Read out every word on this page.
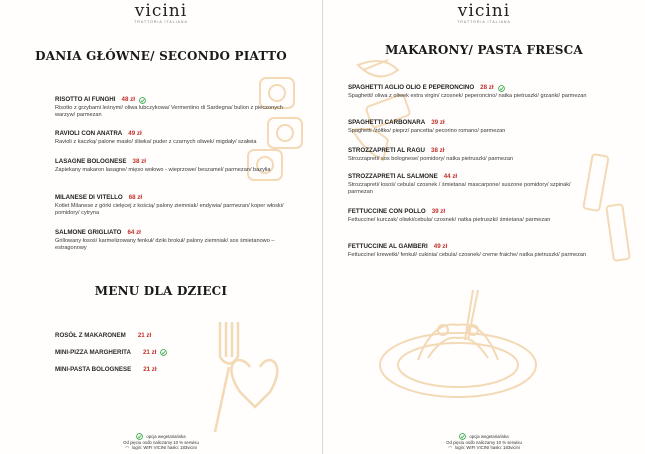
vicini
TRATTORIA ITALIANA
DANIA GŁÓWNE/ SECONDO PIATTO
RISOTTO AI FUNGHI 48 zł
Risotto z grzybami leśnymi/ oliwa lubczykowa/ Vermentino di Sardegna/ bulion z pieczonych warzyw/ parmezan
RAVIOLI CON ANATRA 49 zł
Ravioli z kaczką/ palone masło/ śliwka/ puder z czarnych oliwek/ migdały/ szałwia
LASAGNE BOLOGNESE 38 zł
Zapiekany makaron lasagne/ mięso wołowo - wieprzowe/ beszamel/ parmezan/ bazylia
MILANESE DI VITELLO 68 zł
Kotlet Milanese z górki cielęcej z kością/ palony ziemniak/ endywia/ parmezan/ koper włoski/ pomidory/ cytryna
SALMONE GRIGLIATO 64 zł
Grillowany łosoś/ karmelizowany fenkuł/ dziki brokuł/ palony ziemniak/ sos śmietanowo – estragonowy
MENU DLA DZIECI
ROSÓŁ Z MAKARONEM 21 zł
MINI-PIZZA MARGHERITA 21 zł
MINI-PASTA BOLOGNESE 21 zł
opcja wegetariańska
Od pięciu osób naliczamy 10 % serwisu
◠ login: WIFI VICINI hasło: 183vicini
vicini
TRATTORIA ITALIANA
MAKARONY/ PASTA FRESCA
SPAGHETTI AGLIO OLIO E PEPERONCINO 28 zł
Spaghetti/ oliwa z oliwek extra virgin/ czosnek/ peperoncino/ natka pietruszki/ grzanki/ parmezan
SPAGHETTI CARBONARA 39 zł
Spaghetti /żółtko/ pieprz/ pancetta/ pecorino romano/ parmezan
STROZZAPRETI AL RAGU 38 zł
Strozzapreti/ sos bolognese/ pomidory/ natka pietruszki/ parmezan
STROZZAPRETI AL SALMONE 44 zł
Strozzapreti/ łosoś/ cebula/ czosnek / śmietana/ mascarpone/ suszone pomidory/ szpinak/ parmezan
FETTUCCINE CON POLLO 39 zł
Fettuccine/ kurczak/ oliwki/cebula/ czosnek/ natka pietruszki/ śmietana/ parmezan
FETTUCCINE AL GAMBERI 49 zł
Fettuccine/ krewetki/ fenkuł/ cukinia/ cebula/ czosnek/ creme fraiche/ natka pietruszki/ parmezan
opcja wegetariańska
Od pięciu osób naliczamy 10 % serwisu
◠ login: WIFI VICINI hasło: 183vicini
